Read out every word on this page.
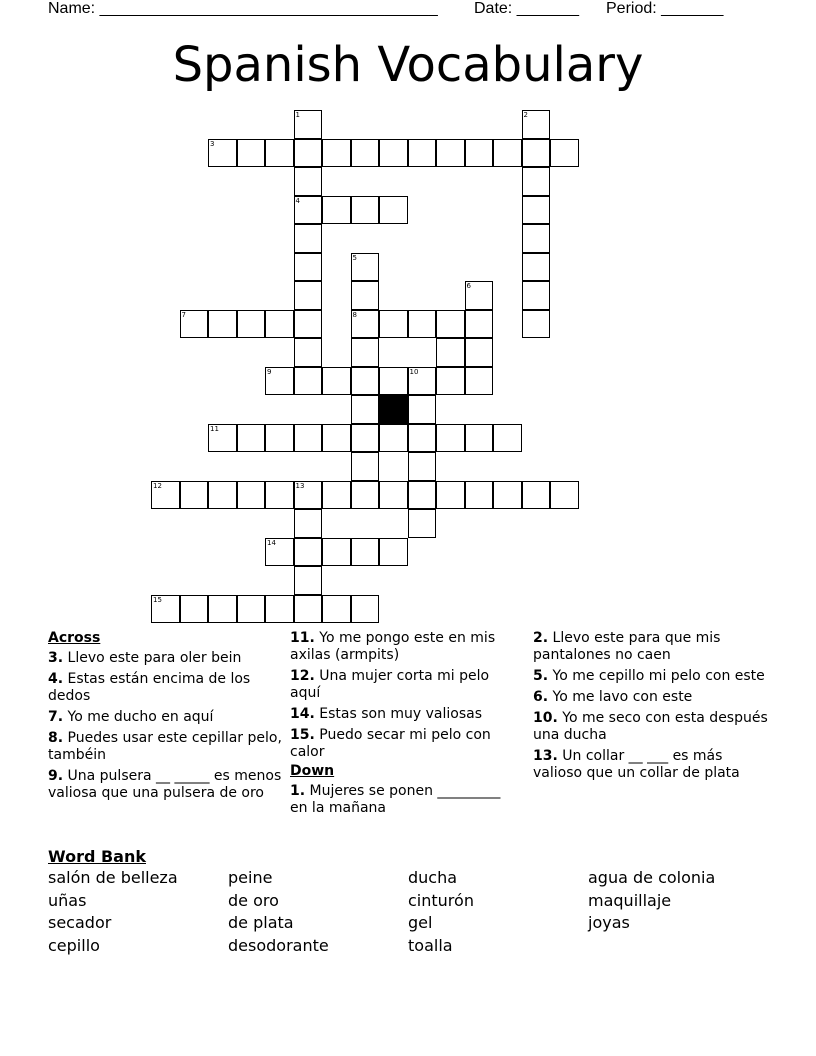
Name: ______________________________________ Date: _______ Period: _______
Spanish Vocabulary
1	2
3
4
5
6
7	8
9	10
11
12	13
14
15
Across
3. Llevo este para oler bein
4. Estas están encima de los dedos
7. Yo me ducho en aquí
8. Puedes usar este cepillar pelo, tambéin
9. Una pulsera __ _____ es menos valiosa que una pulsera de oro
11. Yo me pongo este en mis axilas (armpits)
12. Una mujer corta mi pelo aquí
14. Estas son muy valiosas
15. Puedo secar mi pelo con calor
Down
1. Mujeres se ponen _________ en la mañana
2. Llevo este para que mis pantalones no caen
5. Yo me cepillo mi pelo con este
6. Yo me lavo con este
10. Yo me seco con esta después una ducha
13. Un collar __ ___ es más valioso que un collar de plata
Word Bank
salón de belleza	peine	ducha	agua de colonia
uñas	de oro	cinturón	maquillaje
secador	de plata	gel	joyas
cepillo	desodorante	toalla
